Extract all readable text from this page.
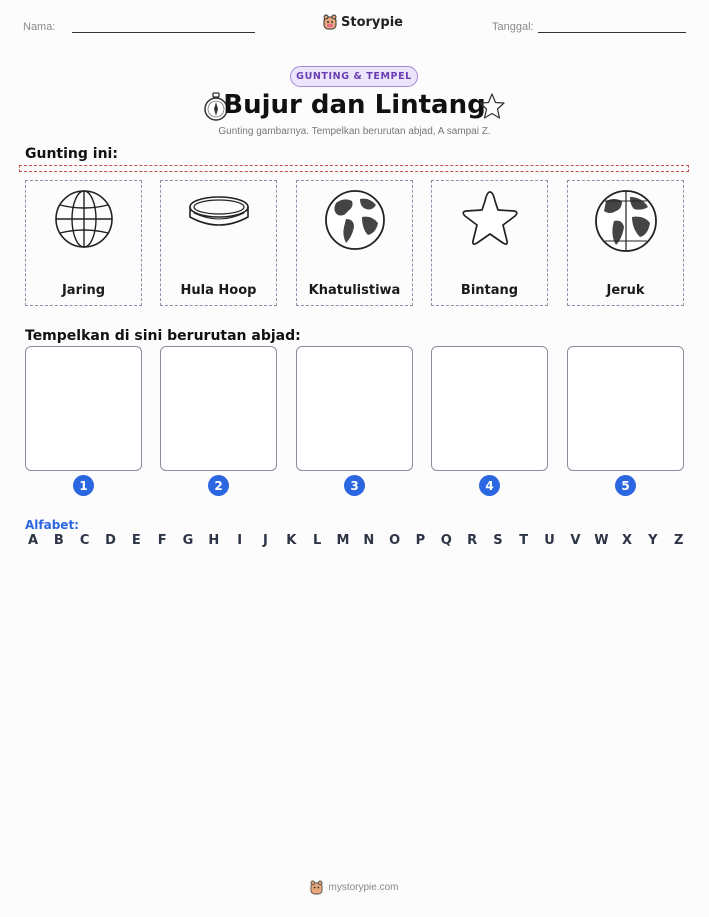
Nama:	Storypie	Tanggal:
GUNTING & TEMPEL
Bujur dan Lintang
Gunting gambarnya. Tempelkan berurutan abjad, A sampai Z.
Gunting ini:
Jaring	Hula Hoop	Khatulistiwa	Bintang	Jeruk
Tempelkan di sini berurutan abjad:
1	2	3	4	5
Alfabet:
A B C D E F G H	I	J	K L M N O P Q R S T U V W X Y Z
mystorypie.com
